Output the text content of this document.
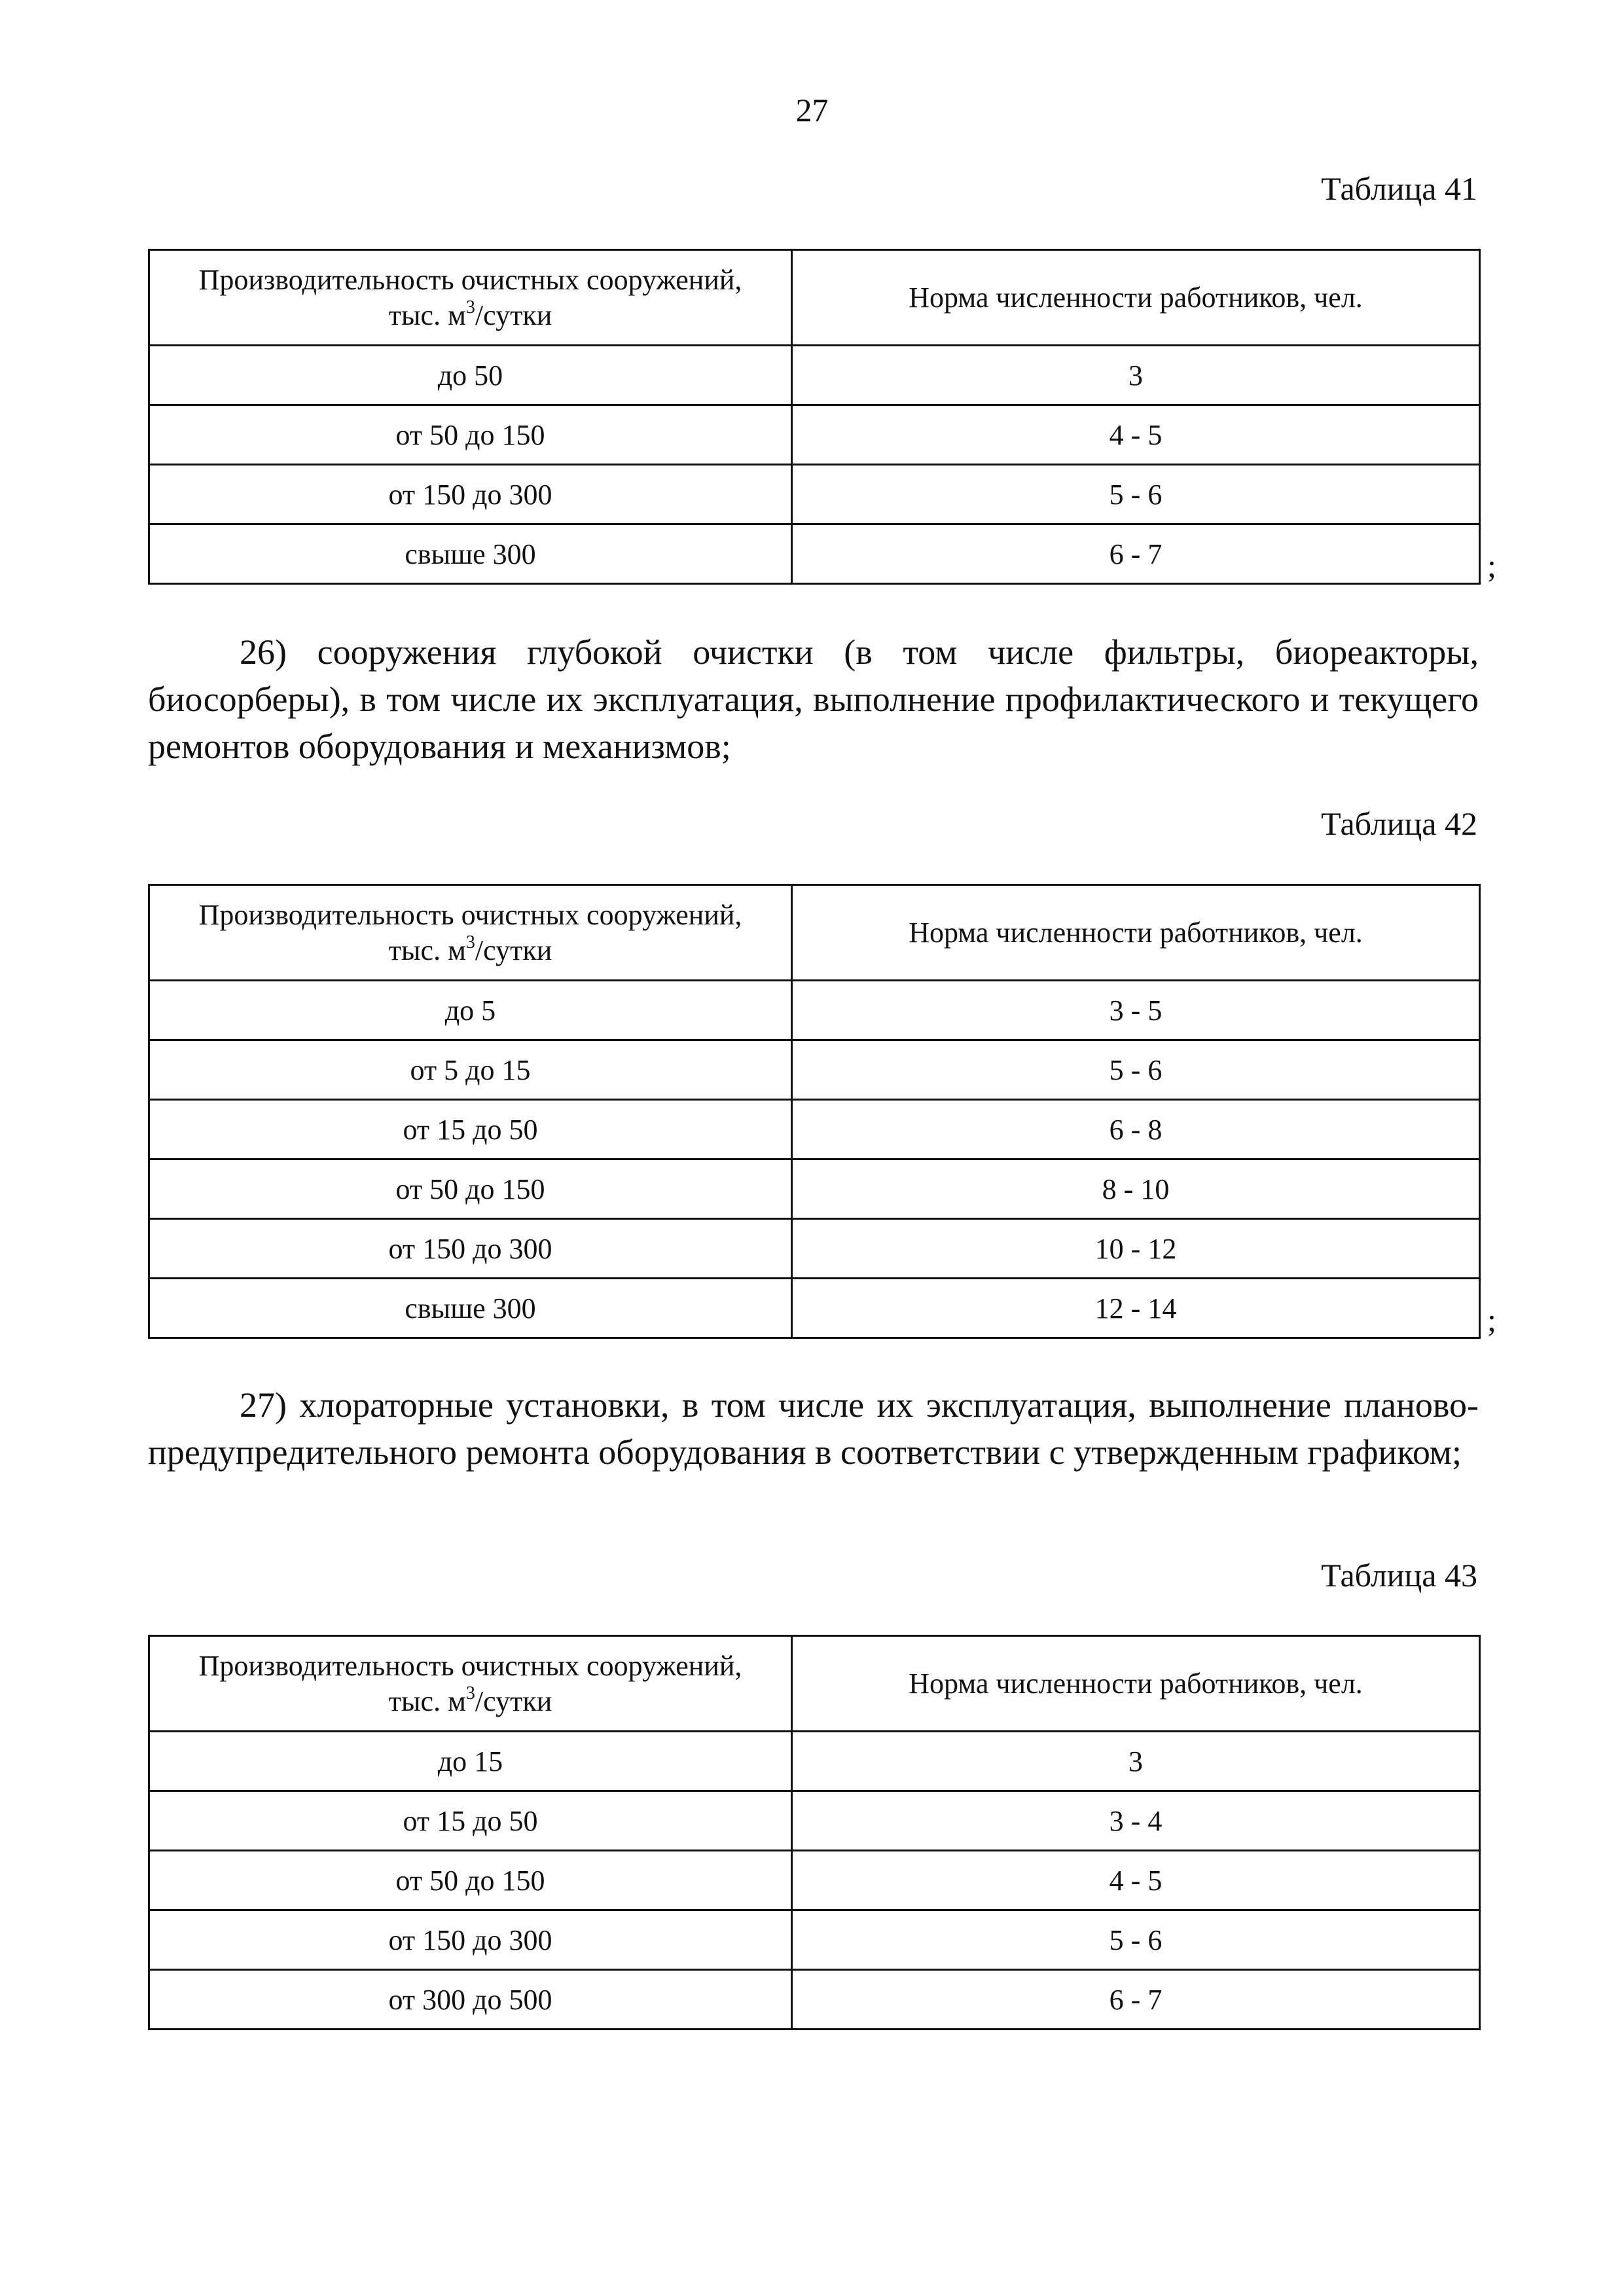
27
Таблица 41
Производительность очистных сооружений,
тыс. $м^3$/сутки	Норма численности работников, чел.
до 50	3
от 50 до 150	4 - 5
от 150 до 300	5 - 6
свыше 300	6 - 7	;

26) сооружения глубокой очистки (в том числе фильтры, биореакторы, биосорберы), в том числе их эксплуатация, выполнение профилактического и текущего ремонтов оборудования и механизмов;

Таблица 42
Производительность очистных сооружений,
тыс. $м^3$/сутки	Норма численности работников, чел.
до 5	3 - 5
от 5 до 15	5 - 6
от 15 до 50	6 - 8
от 50 до 150	8 - 10
от 150 до 300	10 - 12
свыше 300	12 - 14	;

27) хлораторные установки, в том числе их эксплуатация, выполнение планово-предупредительного ремонта оборудования в соответствии с утвержденным графиком;

Таблица 43
Производительность очистных сооружений,
тыс. $м^3$/сутки	Норма численности работников, чел.
до 15	3
от 15 до 50	3 - 4
от 50 до 150	4 - 5
от 150 до 300	5 - 6
от 300 до 500	6 - 7
